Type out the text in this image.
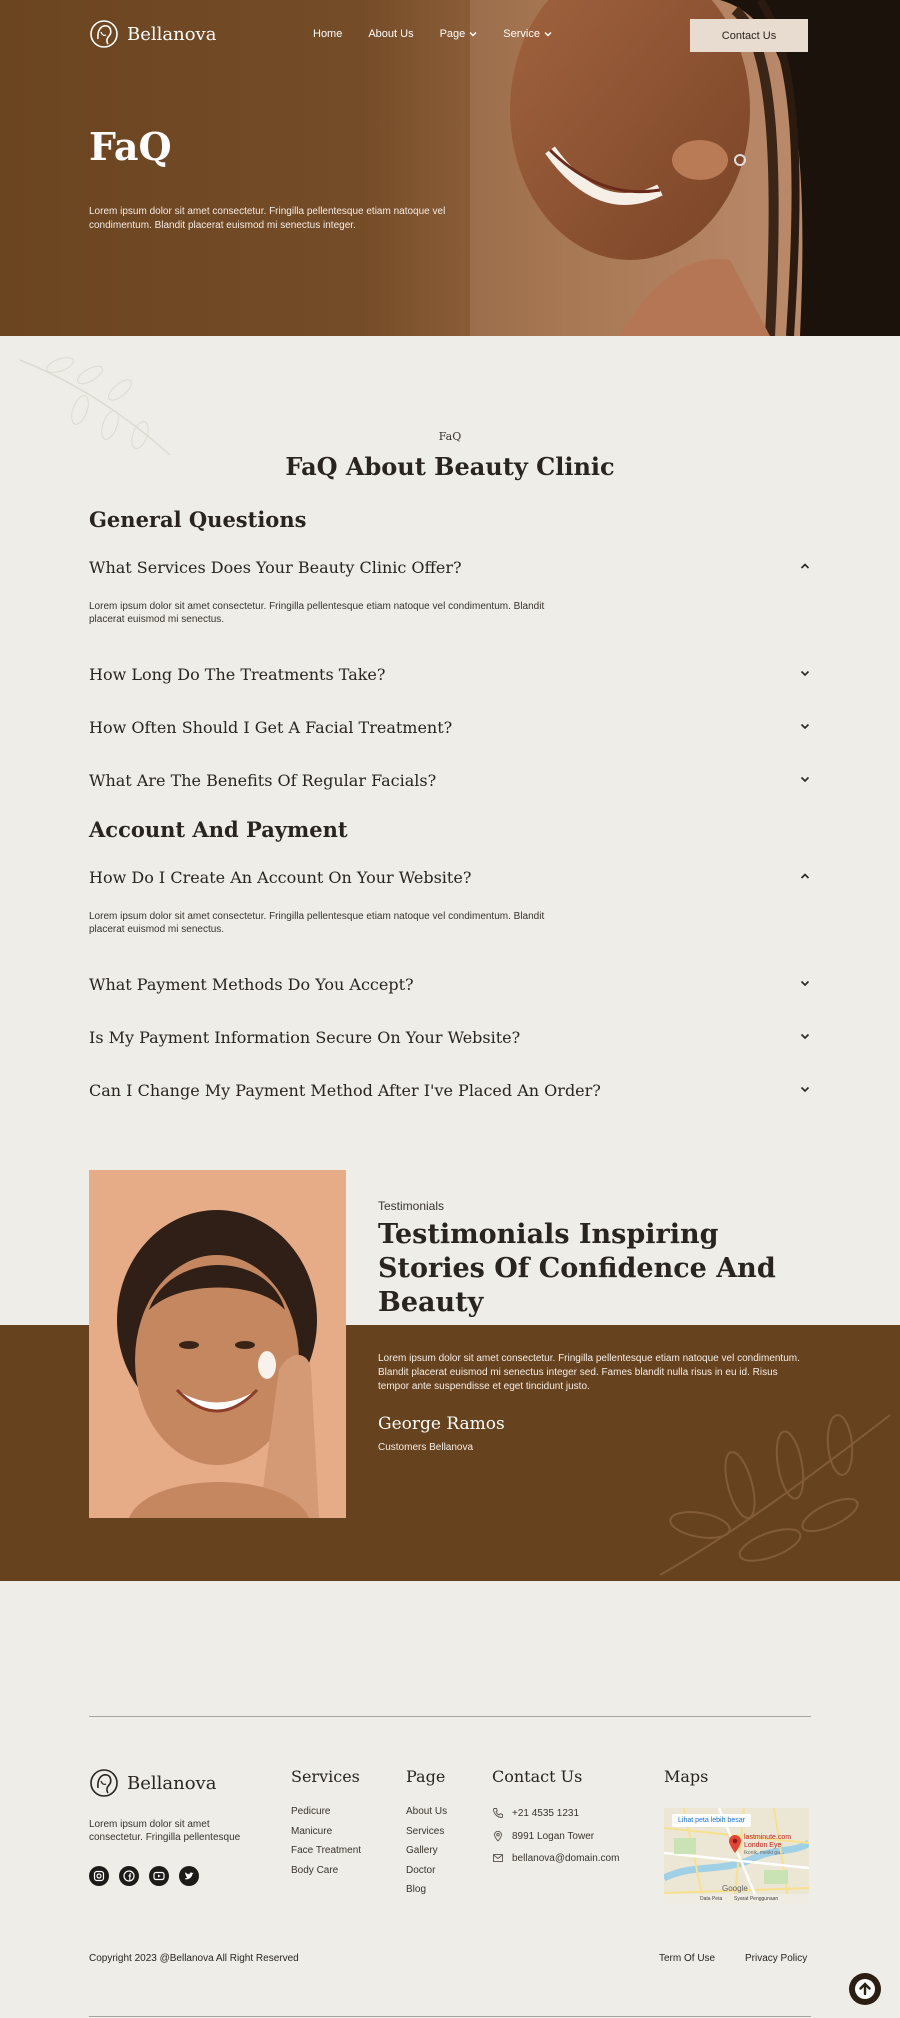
Bellanova	Home About Us Page	Service	Contact Us
FaQ

Lorem ipsum dolor sit amet consectetur. Fringilla pellentesque etiam natoque vel condimentum. Blandit placerat euismod mi senectus integer.

FaQ
FaQ About Beauty Clinic
General Questions
What Services Does Your Beauty Clinic Offer?

Lorem ipsum dolor sit amet consectetur. Fringilla pellentesque etiam natoque vel condimentum. Blandit placerat euismod mi senectus.

How Long Do The Treatments Take?
How Often Should I Get A Facial Treatment?
What Are The Benefits Of Regular Facials?
Account And Payment
How Do I Create An Account On Your Website?

Lorem ipsum dolor sit amet consectetur. Fringilla pellentesque etiam natoque vel condimentum. Blandit placerat euismod mi senectus.

What Payment Methods Do You Accept?
Is My Payment Information Secure On Your Website?
Can I Change My Payment Method After I've Placed An Order?
Testimonials
Testimonials Inspiring Stories Of Confidence And Beauty

Lorem ipsum dolor sit amet consectetur. Fringilla pellentesque etiam natoque vel condimentum. Blandit placerat euismod mi senectus integer sed. Fames blandit nulla risus in eu id. Risus tempor ante suspendisse et eget tincidunt justo.

George Ramos
Customers Bellanova
Bellanova

Lorem ipsum dolor sit amet consectetur. Fringilla pellentesque

Services
Pedicure
Manicure
Face Treatment
Body Care
Page
About Us
Services
Gallery
Doctor
Blog
Contact Us
+21 4535 1231
8991 Logan Tower
bellanova@domain.com
Maps
Lihat peta lebih besar
lastminute.com London Eye
Ikonik, meski ga...
Google
Data Peta Syarat Penggunaan
Copyright 2023 @Bellanova All Right Reserved	Term Of Use	Privacy Policy
